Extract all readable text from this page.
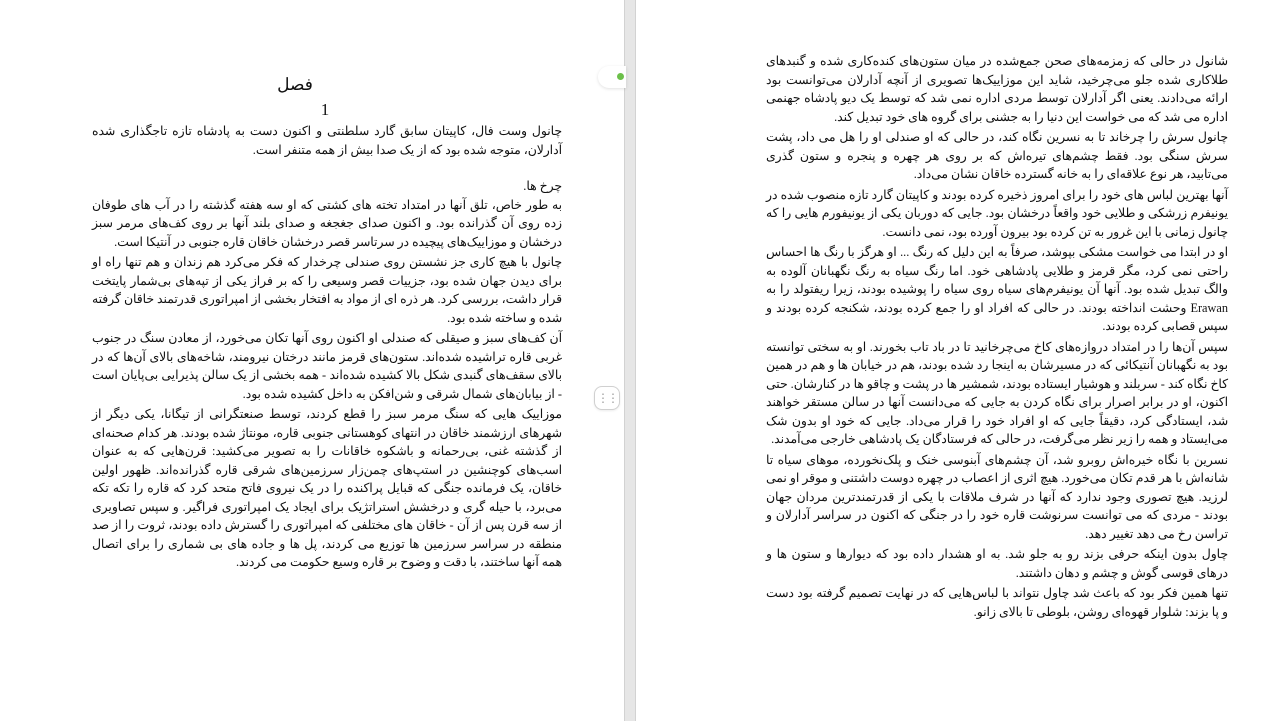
⋮⋮
فصل
1

چانول وست فال، کاپیتان سابق گارد سلطنتی و اکنون دست به پادشاه تازه تاجگذاری شده آدارلان، متوجه شده بود که از یک صدا بیش از همه متنفر است.

چرخ ها.

به طور خاص، تلق آنها در امتداد تخته های کشتی که او سه هفته گذشته را در آب های طوفان زده روی آن گذرانده بود. و اکنون صدای جغجغه و صدای بلند آنها بر روی کف‌های مرمر سبز درخشان و موزاییک‌های پیچیده در سرتاسر قصر درخشان خاقان قاره جنوبی در آنتیکا است.

چانول با هیچ کاری جز نشستن روی صندلی چرخدار که فکر می‌کرد هم زندان و هم تنها راه او برای دیدن جهان شده بود، جزییات قصر وسیعی را که بر فراز یکی از تپه‌های بی‌شمار پایتخت قرار داشت، بررسی کرد. هر ذره ای از مواد به افتخار بخشی از امپراتوری قدرتمند خاقان گرفته شده و ساخته شده بود.

آن کف‌های سبز و صیقلی که صندلی او اکنون روی آنها تکان می‌خورد، از معادن سنگ در جنوب غربی قاره تراشیده شده‌اند. ستون‌های قرمز مانند درختان نیرومند، شاخه‌های بالای آن‌ها که در بالای سقف‌های گنبدی شکل بالا کشیده شده‌اند - همه بخشی از یک سالن پذیرایی بی‌پایان است - از بیابان‌های شمال شرقی و شن‌افکن به داخل کشیده شده بود.

موزاییک هایی که سنگ مرمر سبز را قطع کردند، توسط صنعتگرانی از تیگانا، یکی دیگر از شهرهای ارزشمند خاقان در انتهای کوهستانی جنوبی قاره، مونتاژ شده بودند. هر کدام صحنه‌ای از گذشته غنی، بی‌رحمانه و باشکوه خاقانات را به تصویر می‌کشید: قرن‌هایی که به عنوان اسب‌های کوچنشین در استپ‌های چمن‌زار سرزمین‌های شرقی قاره گذرانده‌اند. ظهور اولین خاقان، یک فرمانده جنگی که قبایل پراکنده را در یک نیروی فاتح متحد کرد که قاره را تکه تکه می‌برد، با حیله گری و درخشش استراتژیک برای ایجاد یک امپراتوری فراگیر. و سپس تصاویری از سه قرن پس از آن - خاقان های مختلفی که امپراتوری را گسترش داده بودند، ثروت را از صد منطقه در سراسر سرزمین ها توزیع می کردند، پل ها و جاده های بی شماری را برای اتصال همه آنها ساختند، با دقت و وضوح بر قاره وسیع حکومت می کردند.

شانول در حالی که زمزمه‌های صحن جمع‌شده در میان ستون‌های کنده‌کاری شده و گنبدهای طلاکاری شده جلو می‌چرخید، شاید این موزاییک‌ها تصویری از آنچه آدارلان می‌توانست بود ارائه می‌دادند. یعنی اگر آدارلان توسط مردی اداره نمی شد که توسط یک دیو پادشاه جهنمی اداره می شد که می خواست این دنیا را به جشنی برای گروه های خود تبدیل کند.

چانول سرش را چرخاند تا به نسرین نگاه کند، در حالی که او صندلی او را هل می داد، پشت سرش سنگی بود. فقط چشم‌های تیره‌اش که بر روی هر چهره و پنجره و ستون گذری می‌تابید، هر نوع علاقه‌ای را به خانه گسترده خاقان نشان می‌داد.

آنها بهترین لباس های خود را برای امروز ذخیره کرده بودند و کاپیتان گارد تازه منصوب شده در یونیفرم زرشکی و طلایی خود واقعاً درخشان بود. جایی که دوربان یکی از یونیفورم هایی را که چانول زمانی با این غرور به تن کرده بود بیرون آورده بود، نمی دانست.

او در ابتدا می خواست مشکی بپوشد، صرفاً به این دلیل که رنگ ... او هرگز با رنگ ها احساس راحتی نمی کرد، مگر قرمز و طلایی پادشاهی خود. اما رنگ سیاه به رنگ نگهبانان آلوده به والگ تبدیل شده بود. آنها آن یونیفرم‌های سیاه روی سیاه را پوشیده بودند، زیرا ریفتولد را به Erawan وحشت انداخته بودند. در حالی که افراد او را جمع کرده بودند، شکنجه کرده بودند و سپس قصابی کرده بودند.

سپس آن‌ها را در امتداد دروازه‌های کاخ می‌چرخانید تا در باد تاب بخورند. او به سختی توانسته بود به نگهبانان آنتیکائی که در مسیرشان به اینجا رد شده بودند، هم در خیابان ها و هم در همین کاخ نگاه کند - سربلند و هوشیار ایستاده بودند، شمشیر ها در پشت و چاقو ها در کنارشان. حتی اکنون، او در برابر اصرار برای نگاه کردن به جایی که می‌دانست آنها در سالن مستقر خواهند شد، ایستادگی کرد، دقیقاً جایی که او افراد خود را قرار می‌داد. جایی که خود او بدون شک می‌ایستاد و همه را زیر نظر می‌گرفت، در حالی که فرستادگان یک پادشاهی خارجی می‌آمدند.

نسرین با نگاه خیره‌اش روبرو شد، آن چشم‌های آبنوسی خنک و پلک‌نخورده، موهای سیاه تا شانه‌اش با هر قدم تکان می‌خورد. هیچ اثری از اعصاب در چهره دوست داشتنی و موقر او نمی لرزید. هیچ تصوری وجود ندارد که آنها در شرف ملاقات با یکی از قدرتمندترین مردان جهان بودند - مردی که می توانست سرنوشت قاره خود را در جنگی که اکنون در سراسر آدارلان و تراسن رخ می دهد تغییر دهد.

چاول بدون اینکه حرفی بزند رو به جلو شد. به او هشدار داده بود که دیوارها و ستون ها و درهای قوسی گوش و چشم و دهان داشتند.

تنها همین فکر بود که باعث شد چاول نتواند با لباس‌هایی که در نهایت تصمیم گرفته بود دست و پا بزند: شلوار قهوه‌ای روشن، بلوطی تا بالای زانو.
